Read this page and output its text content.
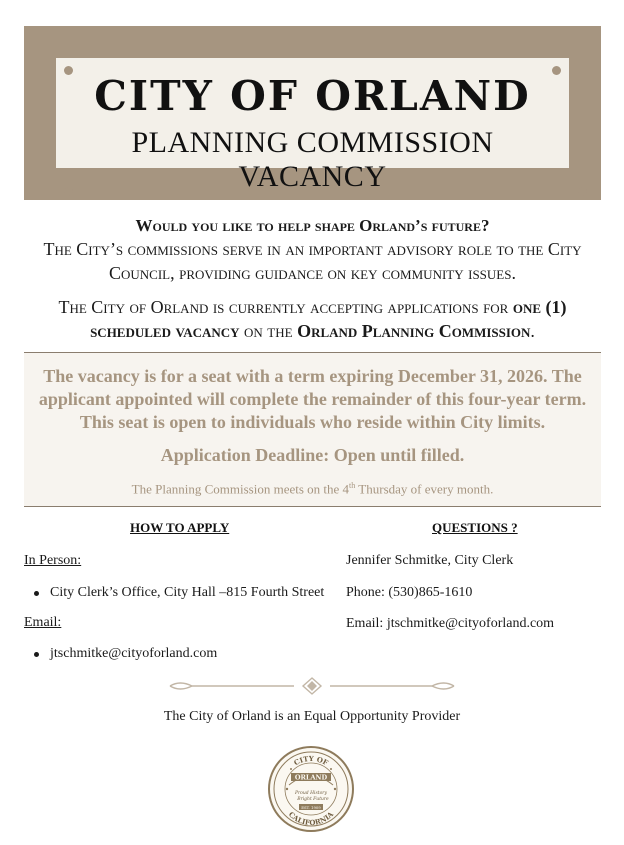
CITY OF ORLAND
PLANNING COMMISSION VACANCY
Would you like to help shape Orland’s future?
The City’s commissions serve in an important advisory role to the City Council, providing guidance on key community issues.
The City of Orland is currently accepting applications for one (1) scheduled vacancy on the Orland Planning Commission.
The vacancy is for a seat with a term expiring December 31, 2026. The
applicant appointed will complete the remainder of this four-year term.
This seat is open to individuals who reside within City limits.
Application Deadline: Open until filled.
The Planning Commission meets on the 4th Thursday of every month.
HOW TO APPLY
In Person:
City Clerk’s Office, City Hall –815 Fourth Street
Email:
jtschmitke@cityoforland.com
QUESTIONS ?
Jennifer Schmitke, City Clerk
Phone: (530)865-1610
Email: jtschmitke@cityoforland.com
The City of Orland is an Equal Opportunity Provider
CITY OF
CALIFORNIA
ORLAND
Proud History
Bright Future
EST. 1909
